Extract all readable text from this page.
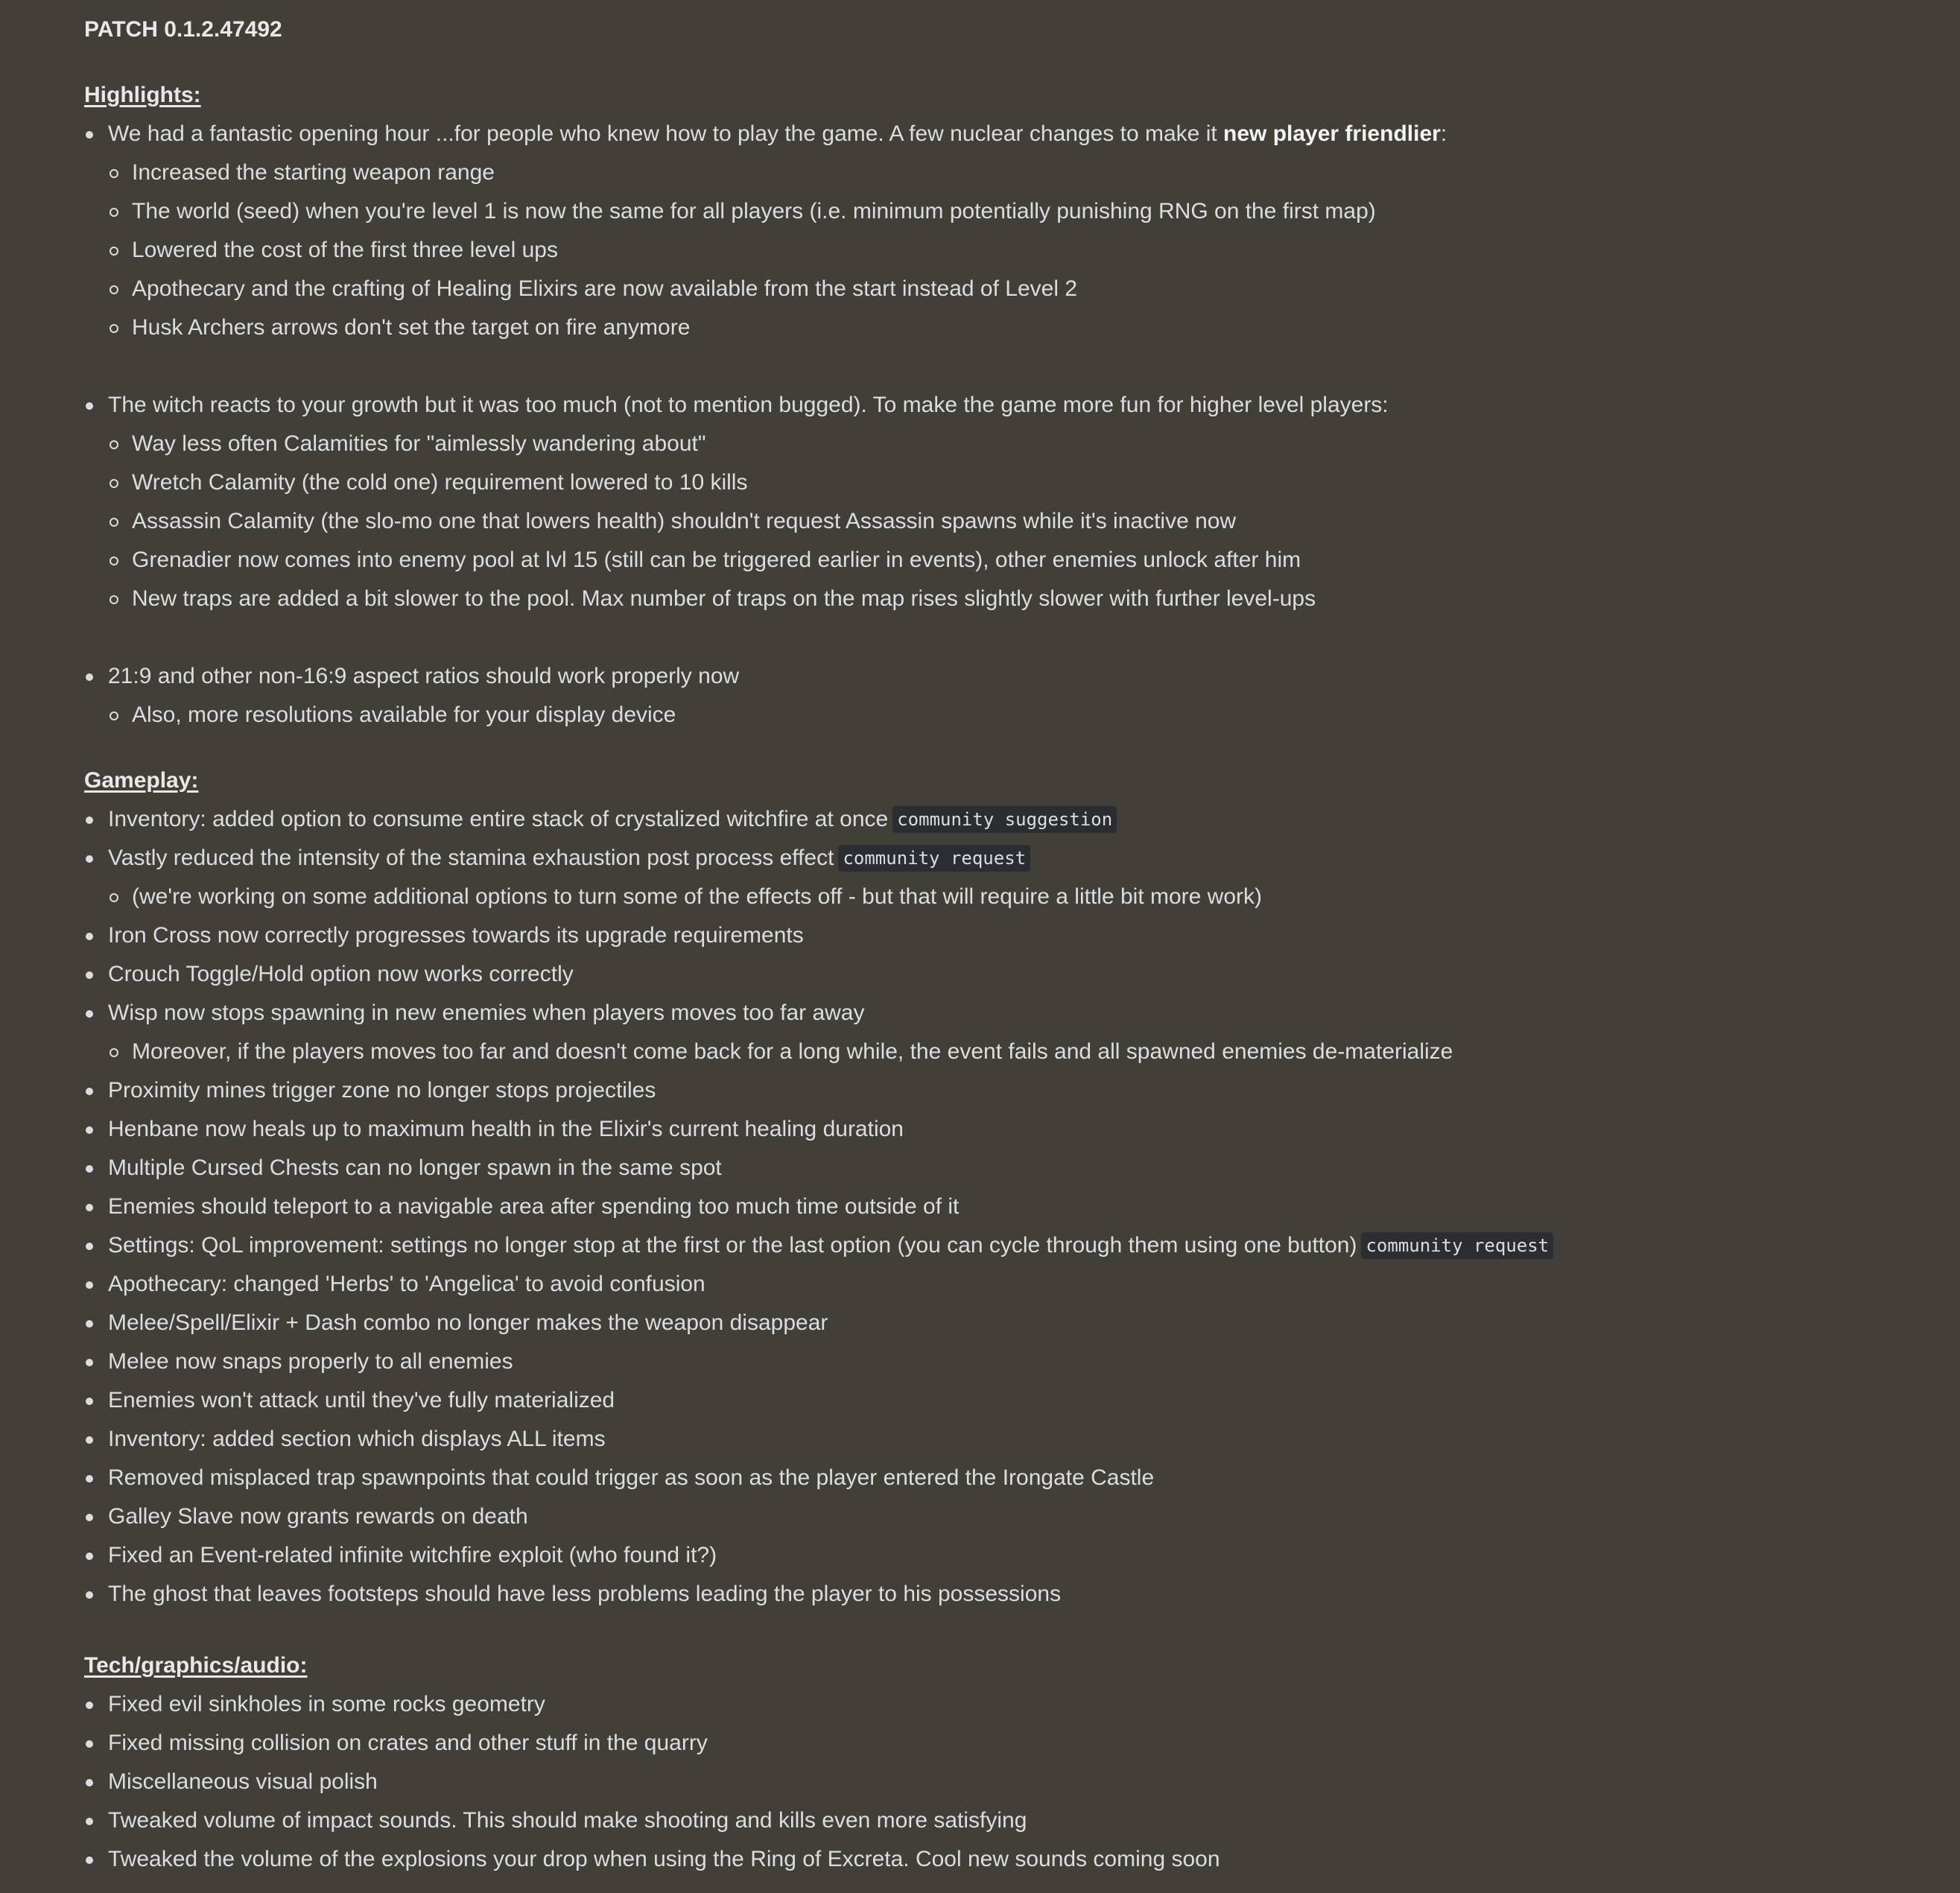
PATCH 0.1.2.47492
Highlights:
We had a fantastic opening hour ...for people who knew how to play the game. A few nuclear changes to make it new player friendlier:
Increased the starting weapon range
The world (seed) when you're level 1 is now the same for all players (i.e. minimum potentially punishing RNG on the first map)
Lowered the cost of the first three level ups
Apothecary and the crafting of Healing Elixirs are now available from the start instead of Level 2
Husk Archers arrows don't set the target on fire anymore
The witch reacts to your growth but it was too much (not to mention bugged). To make the game more fun for higher level players:
Way less often Calamities for "aimlessly wandering about"
Wretch Calamity (the cold one) requirement lowered to 10 kills
Assassin Calamity (the slo-mo one that lowers health) shouldn't request Assassin spawns while it's inactive now
Grenadier now comes into enemy pool at lvl 15 (still can be triggered earlier in events), other enemies unlock after him
New traps are added a bit slower to the pool. Max number of traps on the map rises slightly slower with further level-ups
21:9 and other non-16:9 aspect ratios should work properly now
Also, more resolutions available for your display device
Gameplay:
Inventory: added option to consume entire stack of crystalized witchfire at once community suggestion
Vastly reduced the intensity of the stamina exhaustion post process effect community request
(we're working on some additional options to turn some of the effects off - but that will require a little bit more work)
Iron Cross now correctly progresses towards its upgrade requirements
Crouch Toggle/Hold option now works correctly
Wisp now stops spawning in new enemies when players moves too far away
Moreover, if the players moves too far and doesn't come back for a long while, the event fails and all spawned enemies de-materialize
Proximity mines trigger zone no longer stops projectiles
Henbane now heals up to maximum health in the Elixir's current healing duration
Multiple Cursed Chests can no longer spawn in the same spot
Enemies should teleport to a navigable area after spending too much time outside of it
Settings: QoL improvement: settings no longer stop at the first or the last option (you can cycle through them using one button) community request
Apothecary: changed 'Herbs' to 'Angelica' to avoid confusion
Melee/Spell/Elixir + Dash combo no longer makes the weapon disappear
Melee now snaps properly to all enemies
Enemies won't attack until they've fully materialized
Inventory: added section which displays ALL items
Removed misplaced trap spawnpoints that could trigger as soon as the player entered the Irongate Castle
Galley Slave now grants rewards on death
Fixed an Event-related infinite witchfire exploit (who found it?)
The ghost that leaves footsteps should have less problems leading the player to his possessions
Tech/graphics/audio:
Fixed evil sinkholes in some rocks geometry
Fixed missing collision on crates and other stuff in the quarry
Miscellaneous visual polish
Tweaked volume of impact sounds. This should make shooting and kills even more satisfying
Tweaked the volume of the explosions your drop when using the Ring of Excreta. Cool new sounds coming soon
